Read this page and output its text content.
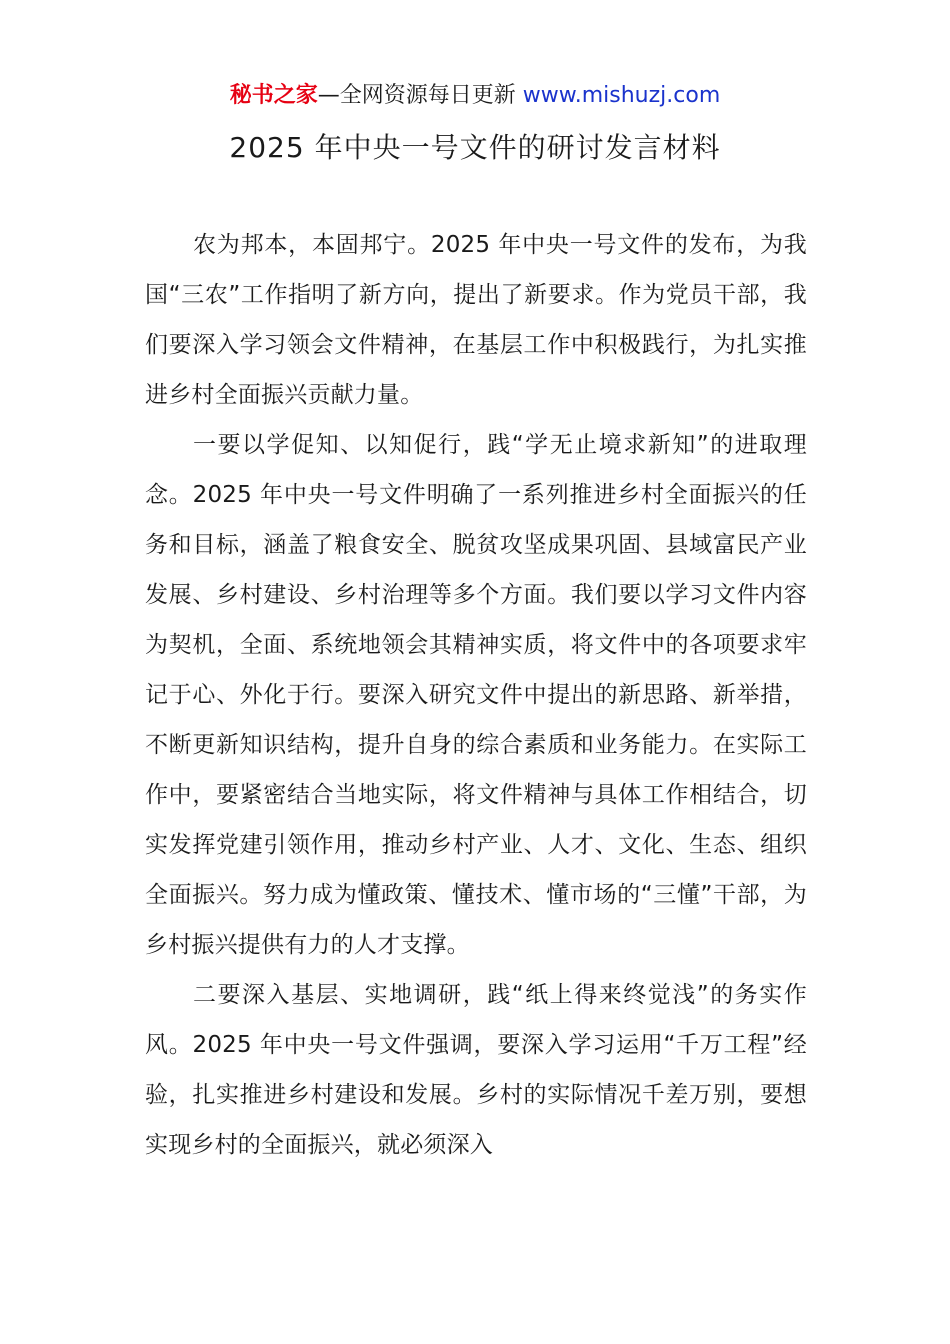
秘书之家—全网资源每日更新 www.mishuzj.com
2025 年中央一号文件的研讨发言材料

农为邦本，本固邦宁。2025 年中央一号文件的发布，为我国“三农”工作指明了新方向，提出了新要求。作为党员干部，我们要深入学习领会文件精神，在基层工作中积极践行，为扎实推进乡村全面振兴贡献力量。

一要以学促知、以知促行，践“学无止境求新知”的进取理念。2025 年中央一号文件明确了一系列推进乡村全面振兴的任务和目标，涵盖了粮食安全、脱贫攻坚成果巩固、县域富民产业发展、乡村建设、乡村治理等多个方面。我们要以学习文件内容为契机，全面、系统地领会其精神实质，将文件中的各项要求牢记于心、外化于行。要深入研究文件中提出的新思路、新举措，不断更新知识结构，提升自身的综合素质和业务能力。在实际工作中，要紧密结合当地实际，将文件精神与具体工作相结合，切实发挥党建引领作用，推动乡村产业、人才、文化、生态、组织全面振兴。努力成为懂政策、懂技术、懂市场的“三懂”干部，为乡村振兴提供有力的人才支撑。

二要深入基层、实地调研，践“纸上得来终觉浅”的务实作风。2025 年中央一号文件强调，要深入学习运用“千万工程”经验，扎实推进乡村建设和发展。乡村的实际情况千差万别，要想实现乡村的全面振兴，就必须深入
